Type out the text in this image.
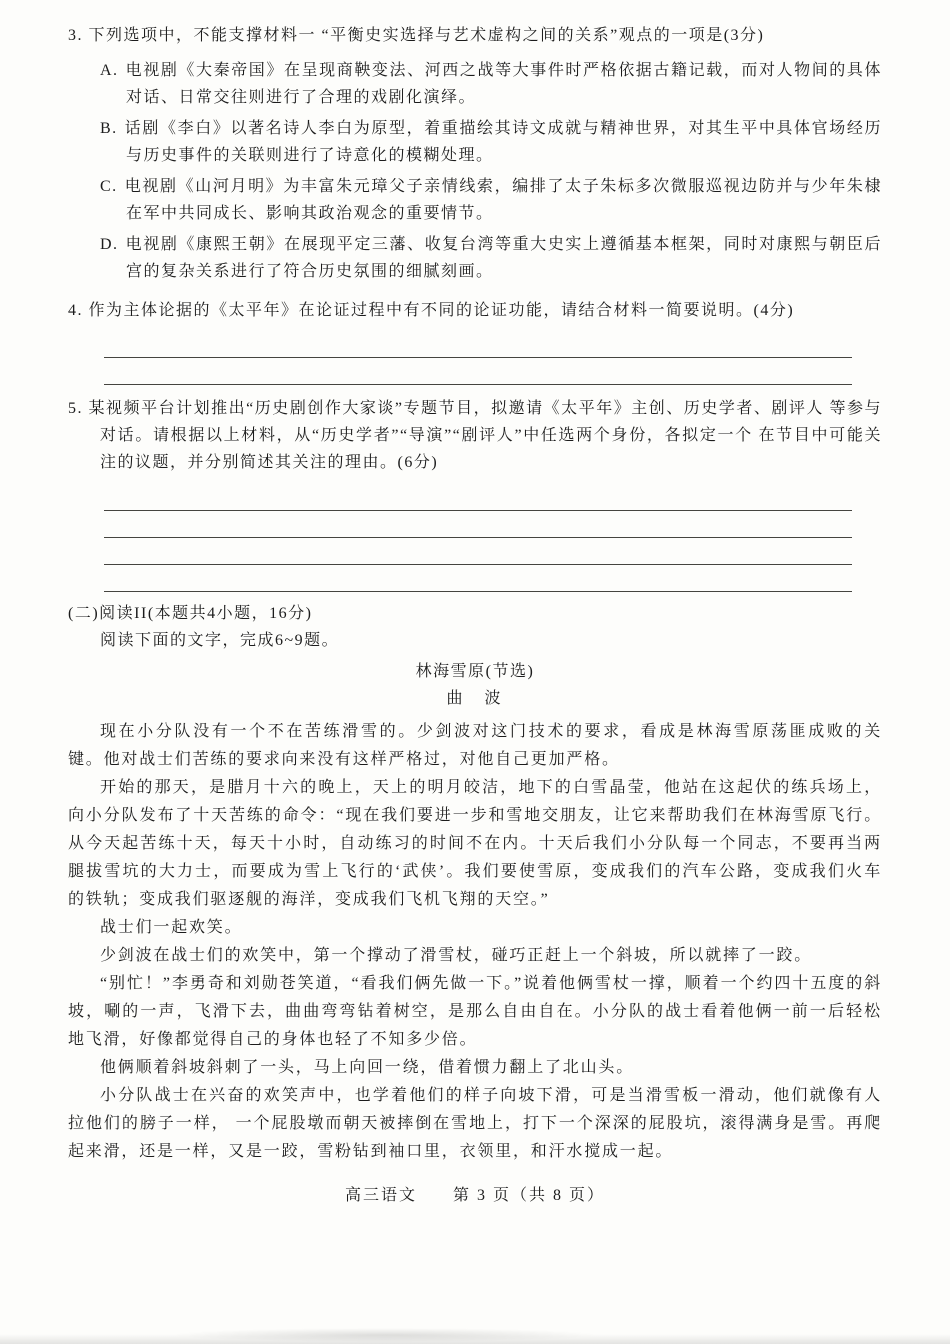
3. 下列选项中，不能支撑材料一 “平衡史实选择与艺术虚构之间的关系”观点的一项是(3分)
A. 电视剧《大秦帝国》在呈现商鞅变法、河西之战等大事件时严格依据古籍记载，而对人物间的具体对话、日常交往则进行了合理的戏剧化演绎。
B. 话剧《李白》以著名诗人李白为原型，着重描绘其诗文成就与精神世界，对其生平中具体官场经历与历史事件的关联则进行了诗意化的模糊处理。
C. 电视剧《山河月明》为丰富朱元璋父子亲情线索，编排了太子朱标多次微服巡视边防并与少年朱棣在军中共同成长、影响其政治观念的重要情节。
D. 电视剧《康熙王朝》在展现平定三藩、收复台湾等重大史实上遵循基本框架，同时对康熙与朝臣后宫的复杂关系进行了符合历史氛围的细腻刻画。
4. 作为主体论据的《太平年》在论证过程中有不同的论证功能，请结合材料一简要说明。(4分)
5. 某视频平台计划推出“历史剧创作大家谈”专题节目，拟邀请《太平年》主创、历史学者、剧评人 等参与对话。请根据以上材料，从“历史学者”“导演”“剧评人”中任选两个身份，各拟定一个 在节目中可能关注的议题，并分别简述其关注的理由。(6分)
(二)阅读II(本题共4小题，16分)
阅读下面的文字，完成6~9题。
林海雪原(节选)
曲　波
现在小分队没有一个不在苦练滑雪的。少剑波对这门技术的要求，看成是林海雪原荡匪成败的关键。他对战士们苦练的要求向来没有这样严格过，对他自己更加严格。
开始的那天，是腊月十六的晚上，天上的明月皎洁，地下的白雪晶莹，他站在这起伏的练兵场上，向小分队发布了十天苦练的命令：“现在我们要进一步和雪地交朋友，让它来帮助我们在林海雪原飞行。从今天起苦练十天，每天十小时，自动练习的时间不在内。十天后我们小分队每一个同志，不要再当两腿拔雪坑的大力士，而要成为雪上飞行的‘武侠’。我们要使雪原，变成我们的汽车公路，变成我们火车的铁轨；变成我们驱逐舰的海洋，变成我们飞机飞翔的天空。”
战士们一起欢笑。
少剑波在战士们的欢笑中，第一个撑动了滑雪杖，碰巧正赶上一个斜坡，所以就摔了一跤。
“别忙！”李勇奇和刘勋苍笑道，“看我们俩先做一下。”说着他俩雪杖一撑，顺着一个约四十五度的斜坡，唰的一声，飞滑下去，曲曲弯弯钻着树空，是那么自由自在。小分队的战士看着他俩一前一后轻松地飞滑，好像都觉得自己的身体也轻了不知多少倍。
他俩顺着斜坡斜刺了一头，马上向回一绕，借着惯力翻上了北山头。
小分队战士在兴奋的欢笑声中，也学着他们的样子向坡下滑，可是当滑雪板一滑动，他们就像有人拉他们的膀子一样， 一个屁股墩而朝天被摔倒在雪地上，打下一个深深的屁股坑，滚得满身是雪。再爬起来滑，还是一样，又是一跤，雪粉钻到袖口里，衣领里，和汗水搅成一起。
高三语文　　第 3 页（共 8 页）
